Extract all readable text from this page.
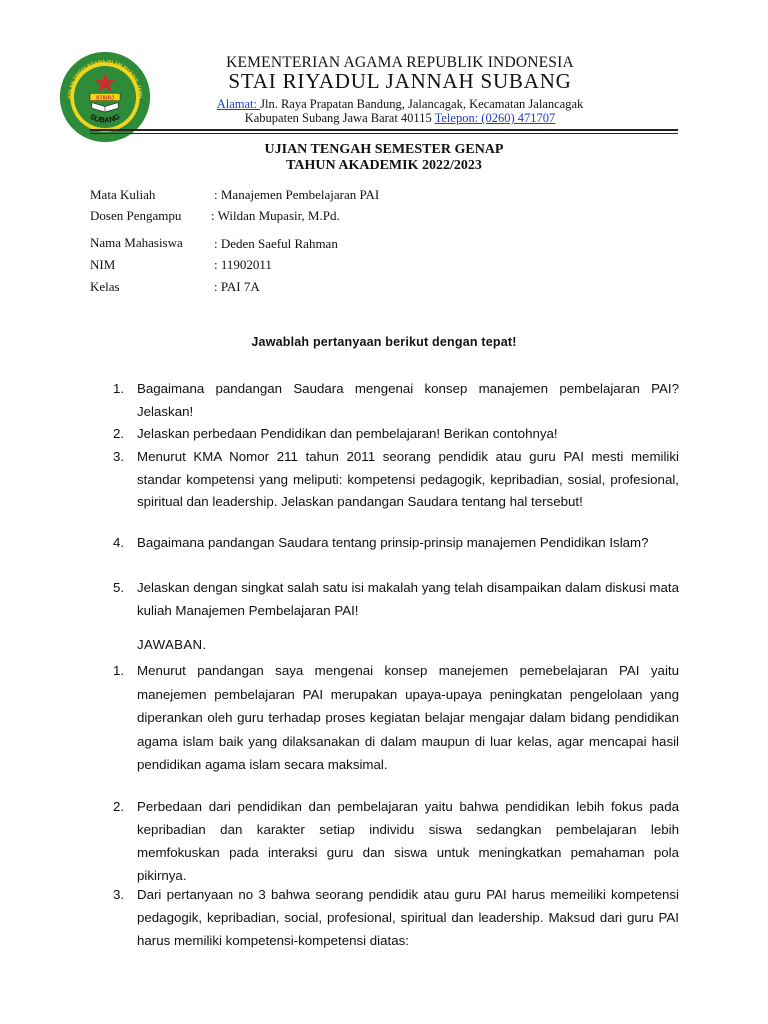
KOLAH TINGGI AGAMA ISLAM RIYADUL JANN
SUBANG
STAIRJ
KEMENTERIAN AGAMA REPUBLIK INDONESIA
STAI RIYADUL JANNAH SUBANG
Alamat: Jln. Raya Prapatan Bandung, Jalancagak, Kecamatan Jalancagak
Kabupaten Subang Jawa Barat 40115 Telepon: (0260) 471707
UJIAN TENGAH SEMESTER GENAP
TAHUN AKADEMIK 2022/2023
Mata Kuliah	: Manajemen Pembelajaran PAI
Dosen Pengampu : Wildan Mupasir, M.Pd.
Nama Mahasiswa : Deden Saeful Rahman
NIM	: 11902011
Kelas	: PAI 7A
Jawablah pertanyaan berikut dengan tepat!
1. Bagaimana pandangan Saudara mengenai konsep manajemen pembelajaran PAI? Jelaskan!
2. Jelaskan perbedaan Pendidikan dan pembelajaran! Berikan contohnya!
3. Menurut KMA Nomor 211 tahun 2011 seorang pendidik atau guru PAI mesti memiliki standar kompetensi yang meliputi: kompetensi pedagogik, kepribadian, sosial, profesional, spiritual dan leadership. Jelaskan pandangan Saudara tentang hal tersebut!
4. Bagaimana pandangan Saudara tentang prinsip-prinsip manajemen Pendidikan Islam?
5. Jelaskan dengan singkat salah satu isi makalah yang telah disampaikan dalam diskusi mata kuliah Manajemen Pembelajaran PAI!
JAWABAN.
1. Menurut pandangan saya mengenai konsep manejemen pemebelajaran PAI yaitu manejemen pembelajaran PAI merupakan upaya-upaya peningkatan pengelolaan yang diperankan oleh guru terhadap proses kegiatan belajar mengajar dalam bidang pendidikan agama islam baik yang dilaksanakan di dalam maupun di luar kelas, agar mencapai hasil pendidikan agama islam secara maksimal.
2. Perbedaan dari pendidikan dan pembelajaran yaitu bahwa pendidikan lebih fokus pada kepribadian dan karakter setiap individu siswa sedangkan pembelajaran lebih memfokuskan pada interaksi guru dan siswa untuk meningkatkan pemahaman pola pikirnya.
3. Dari pertanyaan no 3 bahwa seorang pendidik atau guru PAI harus memeiliki kompetensi pedagogik, kepribadian, social, profesional, spiritual dan leadership. Maksud dari guru PAI harus memiliki kompetensi-kompetensi diatas:
